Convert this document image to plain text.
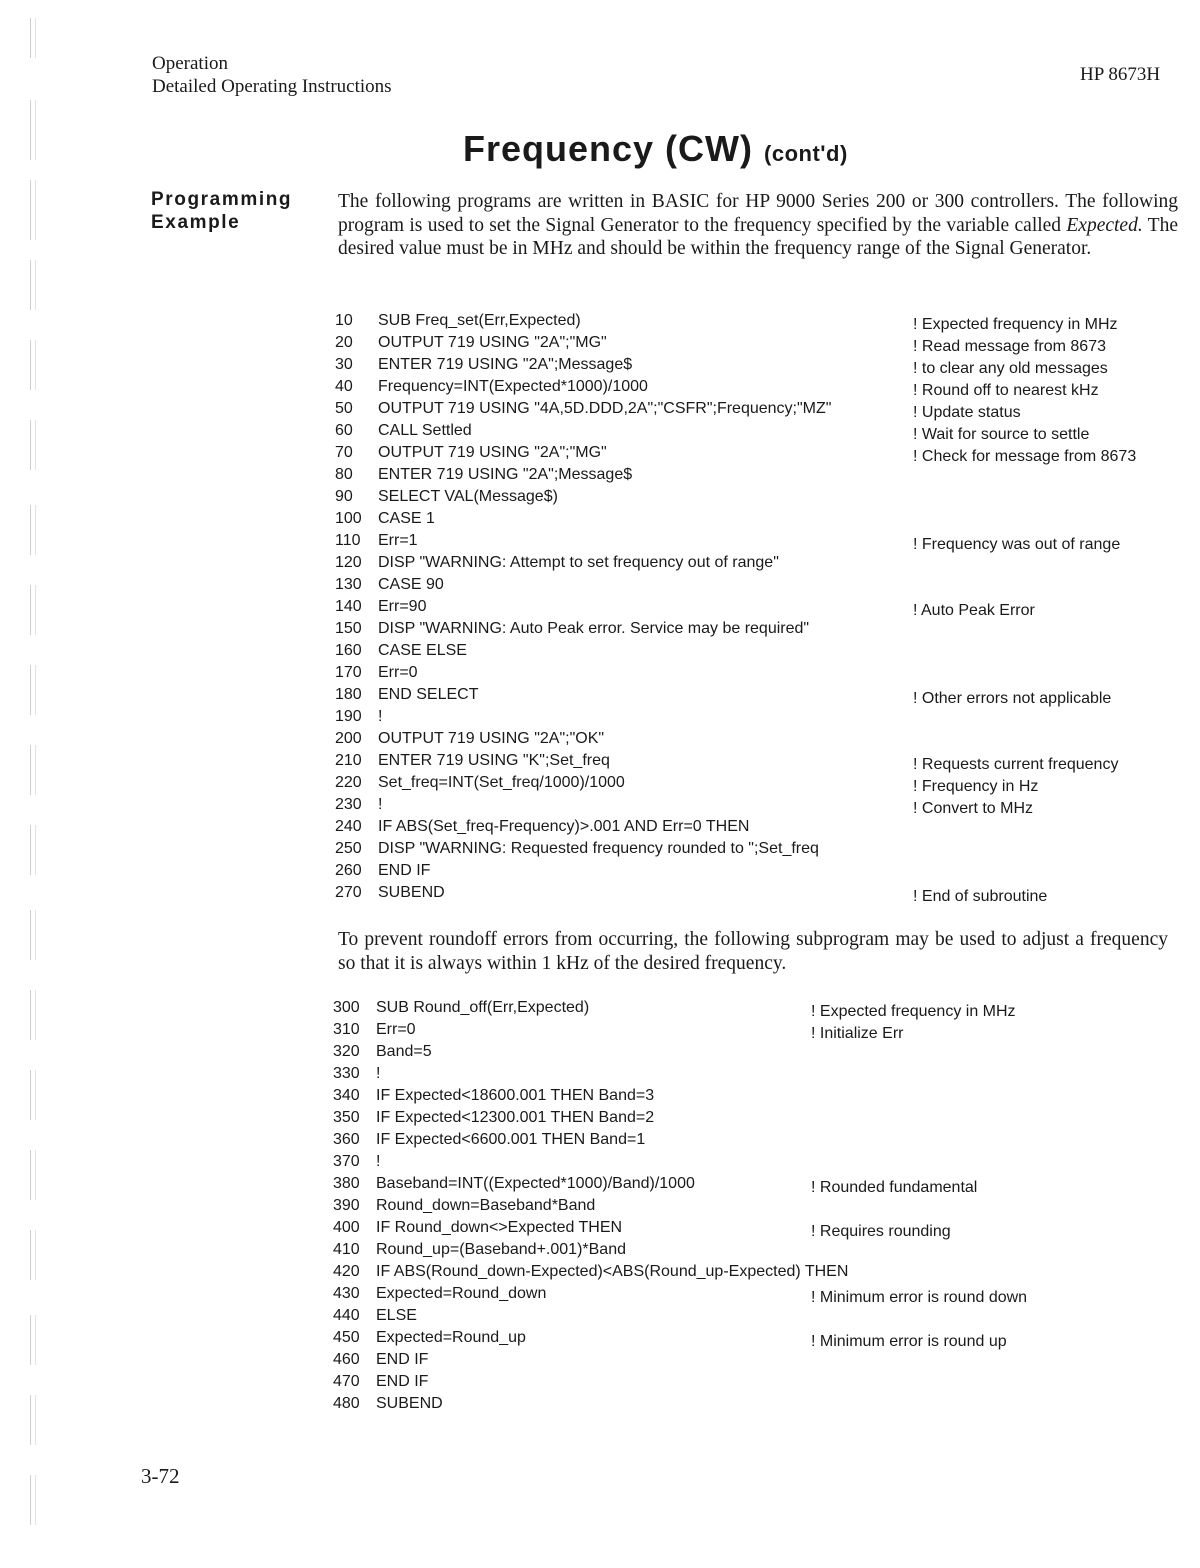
Operation
Detailed Operating Instructions
HP 8673H
Frequency (CW) (cont'd)
Programming
Example
The following programs are written in BASIC for HP 9000 Series 200 or 300 controllers. The following program is used to set the Signal Generator to the frequency specified by the variable called Expected. The desired value must be in MHz and should be within the frequency range of the Signal Generator.
10 SUB Freq_set(Err,Expected)	! Expected frequency in MHz
20 OUTPUT 719 USING "2A";"MG"	! Read message from 8673
30 ENTER 719 USING "2A";Message$	! to clear any old messages
40 Frequency=INT(Expected*1000)/1000	! Round off to nearest kHz
50 OUTPUT 719 USING "4A,5D.DDD,2A";"CSFR";Frequency;"MZ"	! Update status
60 CALL Settled	! Wait for source to settle
70 OUTPUT 719 USING "2A";"MG"	! Check for message from 8673
80 ENTER 719 USING "2A";Message$
90 SELECT VAL(Message$)
100 CASE 1
110 Err=1	! Frequency was out of range
120 DISP "WARNING: Attempt to set frequency out of range"
130 CASE 90
140 Err=90	! Auto Peak Error
150 DISP "WARNING: Auto Peak error. Service may be required"
160 CASE ELSE
170 Err=0
180 END SELECT	! Other errors not applicable
190 !
200 OUTPUT 719 USING "2A";"OK"
210 ENTER 719 USING "K";Set_freq	! Requests current frequency
220 Set_freq=INT(Set_freq/1000)/1000	! Frequency in Hz
230 !	! Convert to MHz
240 IF ABS(Set_freq-Frequency)>.001 AND Err=0 THEN
250 DISP "WARNING: Requested frequency rounded to ";Set_freq
260 END IF
270 SUBEND	! End of subroutine
To prevent roundoff errors from occurring, the following subprogram may be used to adjust a frequency so that it is always within 1 kHz of the desired frequency.
300 SUB Round_off(Err,Expected)	! Expected frequency in MHz
310 Err=0	! Initialize Err
320 Band=5
330 !
340 IF Expected<18600.001 THEN Band=3
350 IF Expected<12300.001 THEN Band=2
360 IF Expected<6600.001 THEN Band=1
370 !
380 Baseband=INT((Expected*1000)/Band)/1000	! Rounded fundamental
390 Round_down=Baseband*Band
400 IF Round_down<>Expected THEN	! Requires rounding
410 Round_up=(Baseband+.001)*Band
420 IF ABS(Round_down-Expected)<ABS(Round_up-Expected) THEN
430 Expected=Round_down	! Minimum error is round down
440 ELSE
450 Expected=Round_up	! Minimum error is round up
460 END IF
470 END IF
480 SUBEND
3-72
